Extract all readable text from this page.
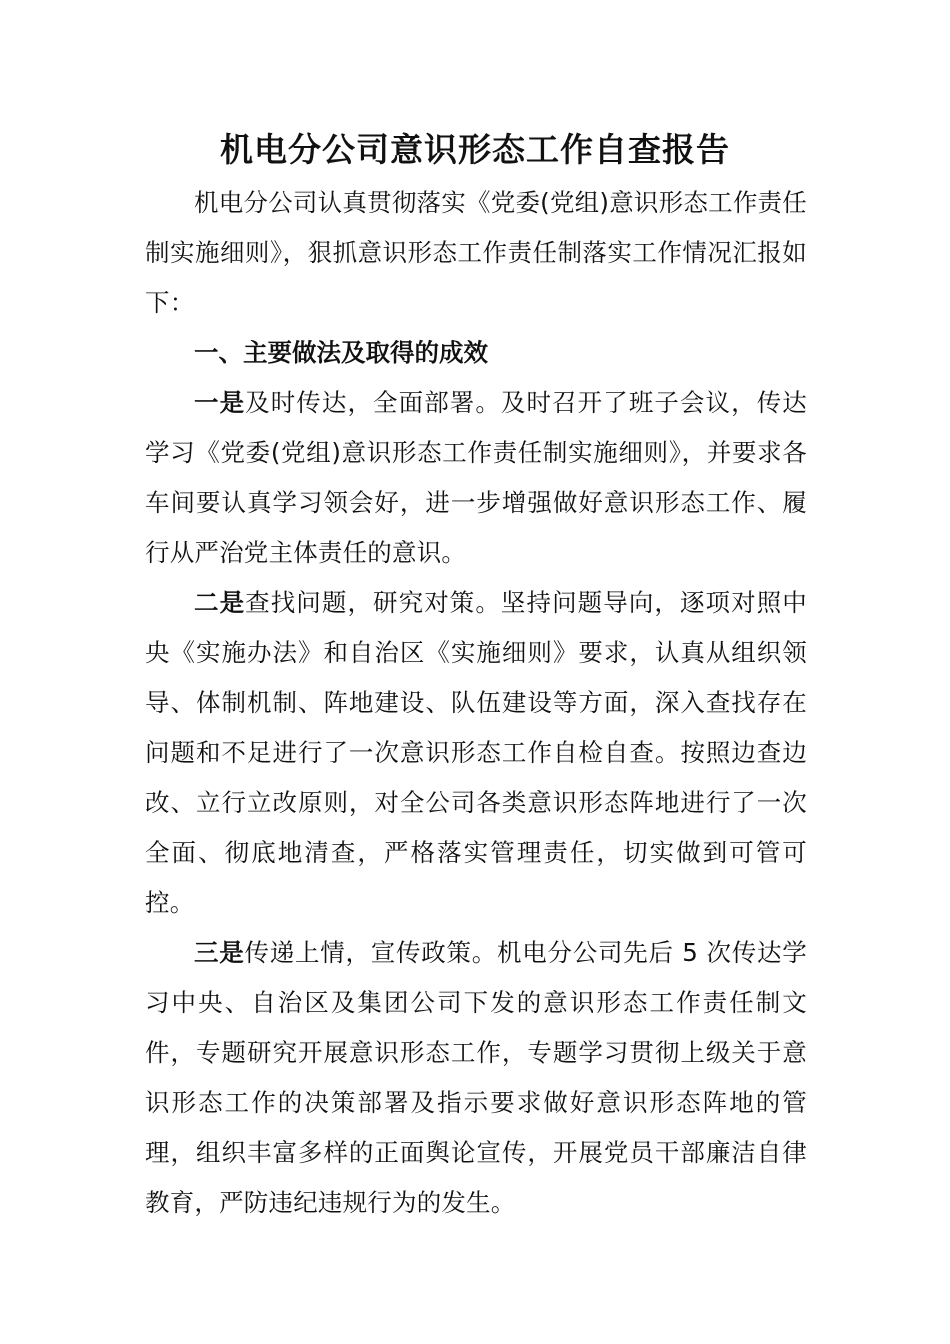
机电分公司意识形态工作自查报告

机电分公司认真贯彻落实《党委(党组)意识形态工作责任制实施细则》，狠抓意识形态工作责任制落实工作情况汇报如下：

一、主要做法及取得的成效

一是及时传达，全面部署。及时召开了班子会议，传达学习《党委(党组)意识形态工作责任制实施细则》，并要求各车间要认真学习领会好，进一步增强做好意识形态工作、履行从严治党主体责任的意识。

二是查找问题，研究对策。坚持问题导向，逐项对照中央《实施办法》和自治区《实施细则》要求，认真从组织领导、体制机制、阵地建设、队伍建设等方面，深入查找存在问题和不足进行了一次意识形态工作自检自查。按照边查边改、立行立改原则，对全公司各类意识形态阵地进行了一次全面、彻底地清查，严格落实管理责任，切实做到可管可控。

三是传递上情，宣传政策。机电分公司先后 5 次传达学习中央、自治区及集团公司下发的意识形态工作责任制文件，专题研究开展意识形态工作，专题学习贯彻上级关于意识形态工作的决策部署及指示要求做好意识形态阵地的管理，组织丰富多样的正面舆论宣传，开展党员干部廉洁自律教育，严防违纪违规行为的发生。
